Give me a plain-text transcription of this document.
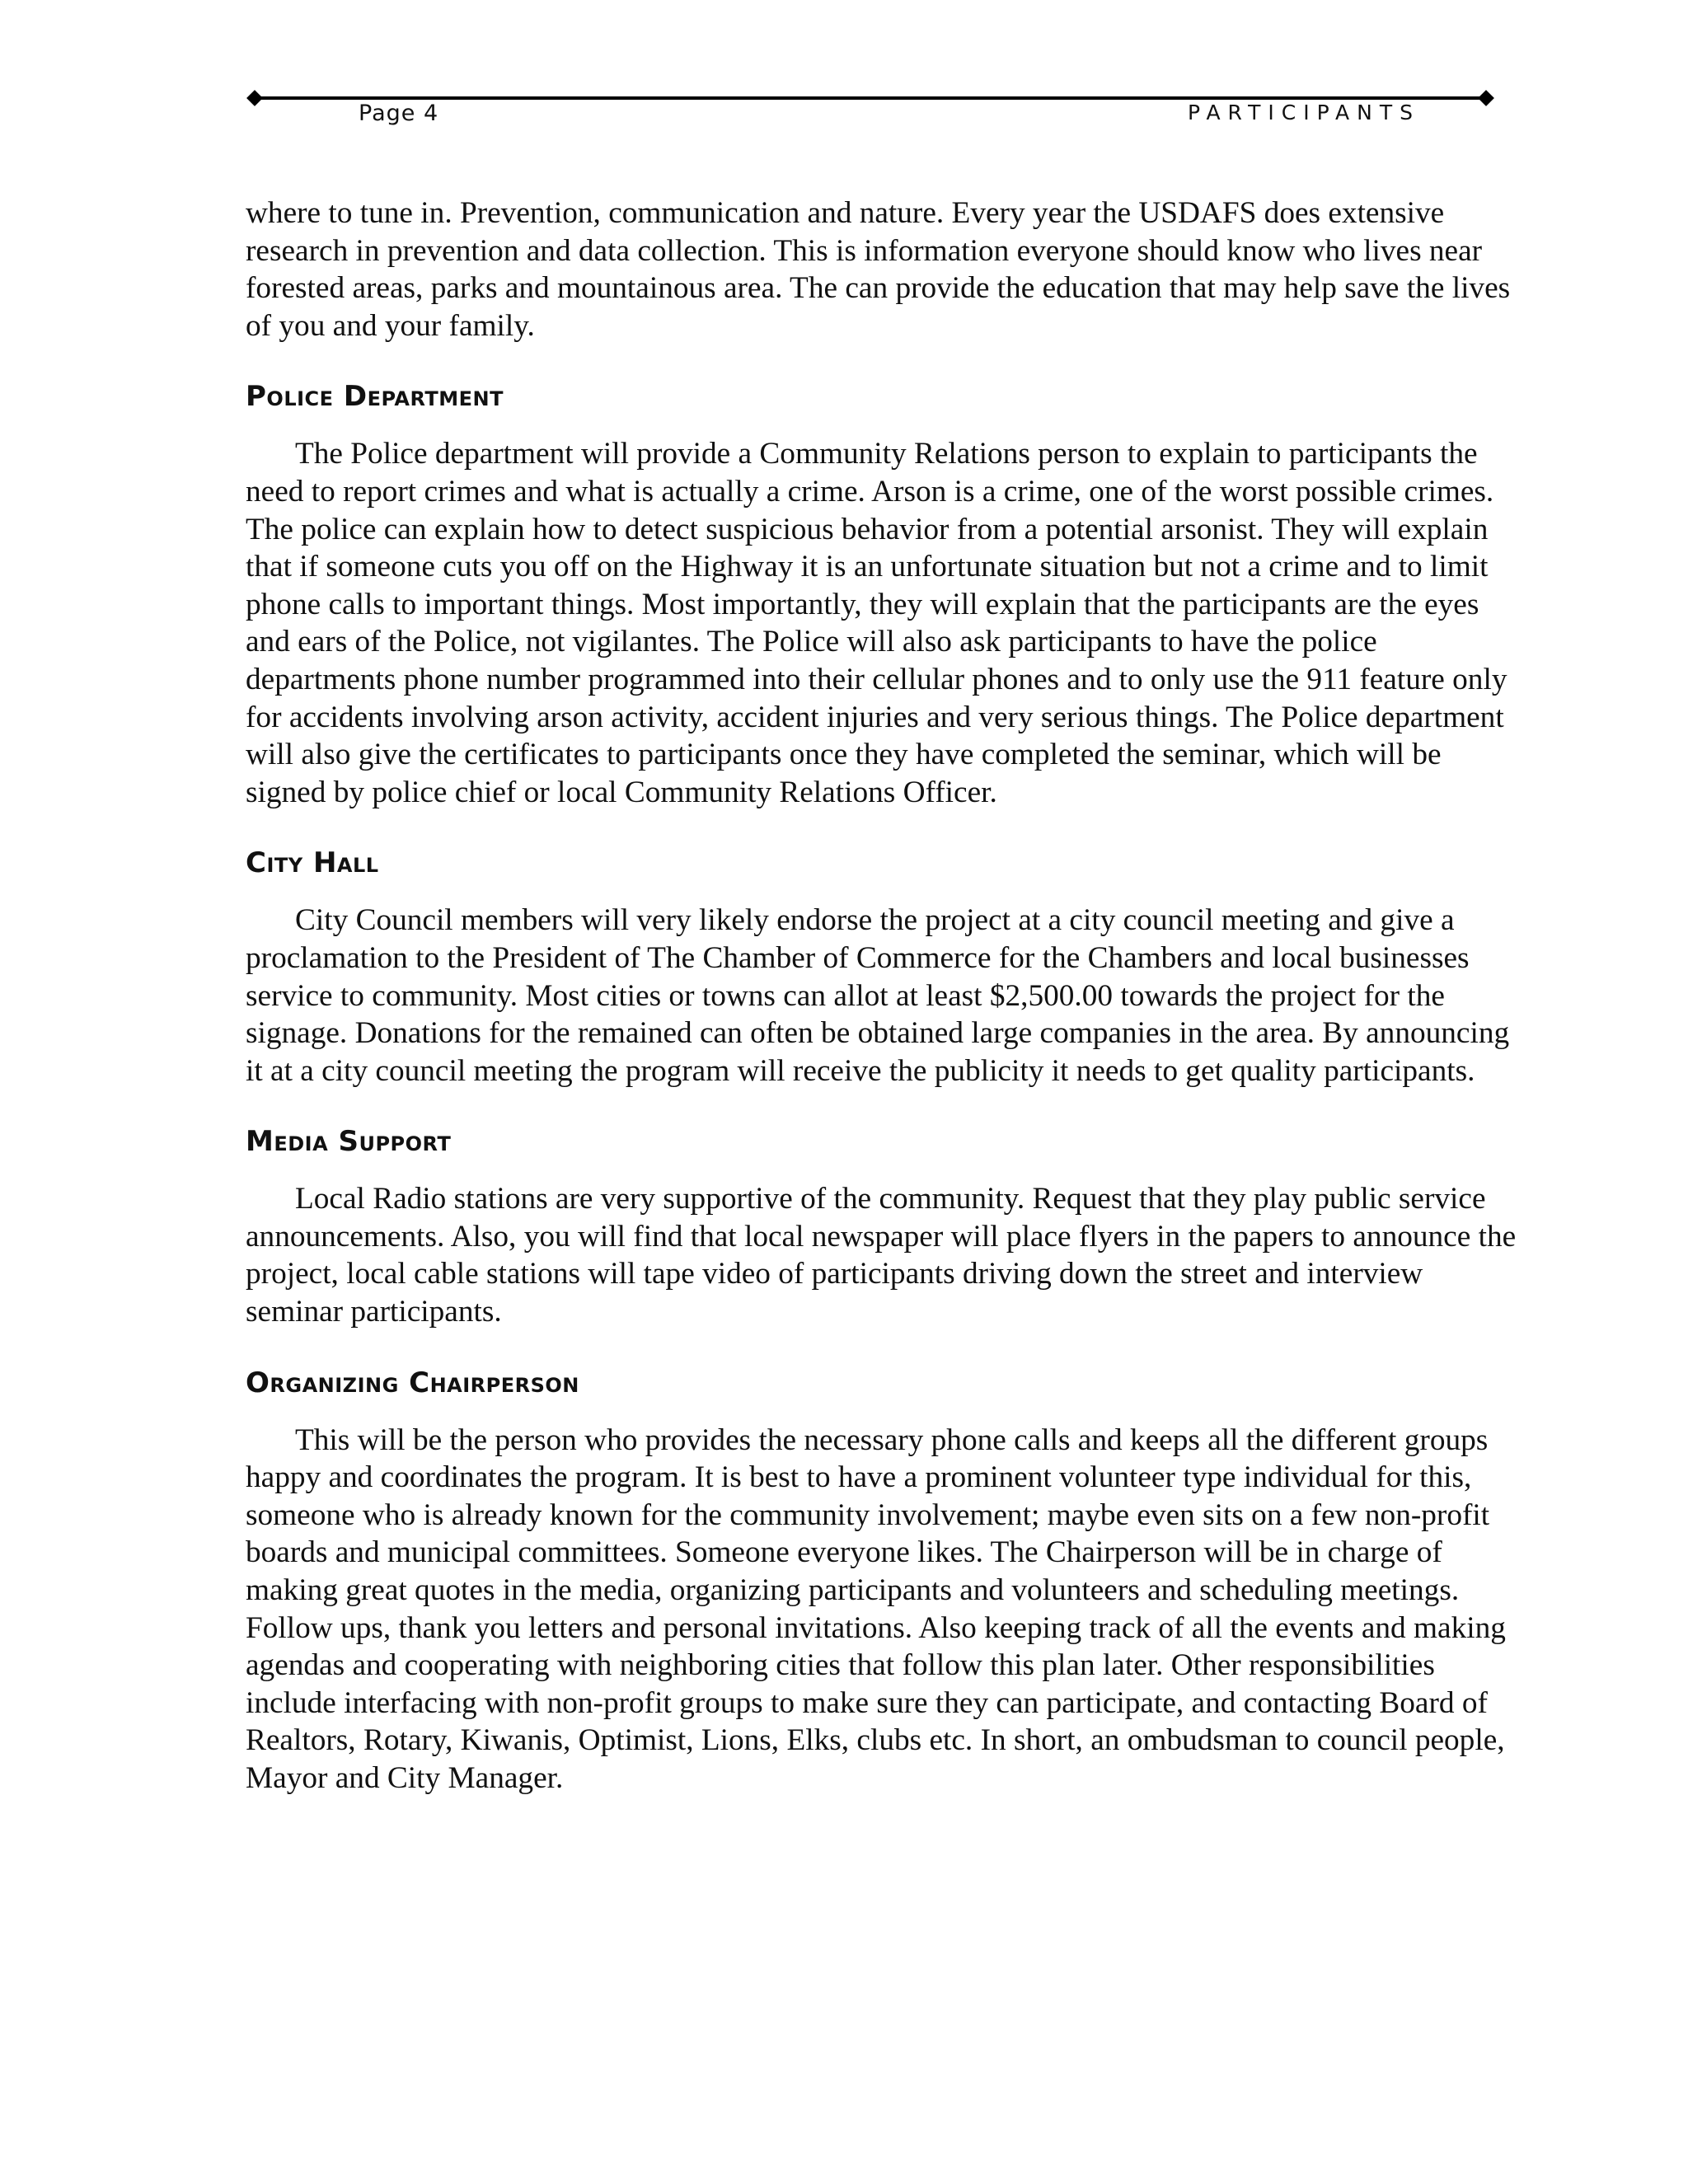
Page 4	PARTICIPANTS

where to tune in. Prevention, communication and nature. Every year the USDAFS does extensive research in prevention and data collection. This is information everyone should know who lives near forested areas, parks and mountainous area. The can provide the education that may help save the lives of you and your family.

Police Department

The Police department will provide a Community Relations person to explain to participants the need to report crimes and what is actually a crime. Arson is a crime, one of the worst possible crimes. The police can explain how to detect suspicious behavior from a potential arsonist. They will explain that if someone cuts you off on the Highway it is an unfortunate situation but not a crime and to limit phone calls to important things. Most importantly, they will explain that the participants are the eyes and ears of the Police, not vigilantes. The Police will also ask participants to have the police departments phone number programmed into their cellular phones and to only use the 911 feature only for accidents involving arson activity, accident injuries and very serious things. The Police department will also give the certificates to participants once they have completed the seminar, which will be signed by police chief or local Community Relations Officer.

City Hall

City Council members will very likely endorse the project at a city council meeting and give a proclamation to the President of The Chamber of Commerce for the Chambers and local businesses service to community. Most cities or towns can allot at least $2,500.00 towards the project for the signage. Donations for the remained can often be obtained large companies in the area. By announcing it at a city council meeting the program will receive the publicity it needs to get quality participants.

Media Support

Local Radio stations are very supportive of the community. Request that they play public service announcements. Also, you will find that local newspaper will place flyers in the papers to announce the project, local cable stations will tape video of participants driving down the street and interview seminar participants.

Organizing Chairperson

This will be the person who provides the necessary phone calls and keeps all the different groups happy and coordinates the program. It is best to have a prominent volunteer type individual for this, someone who is already known for the community involvement; maybe even sits on a few non-profit boards and municipal committees. Someone everyone likes. The Chairperson will be in charge of making great quotes in the media, organizing participants and volunteers and scheduling meetings. Follow ups, thank you letters and personal invitations. Also keeping track of all the events and making agendas and cooperating with neighboring cities that follow this plan later. Other responsibilities include interfacing with non-profit groups to make sure they can participate, and contacting Board of Realtors, Rotary, Kiwanis, Optimist, Lions, Elks, clubs etc. In short, an ombudsman to council people, Mayor and City Manager.
